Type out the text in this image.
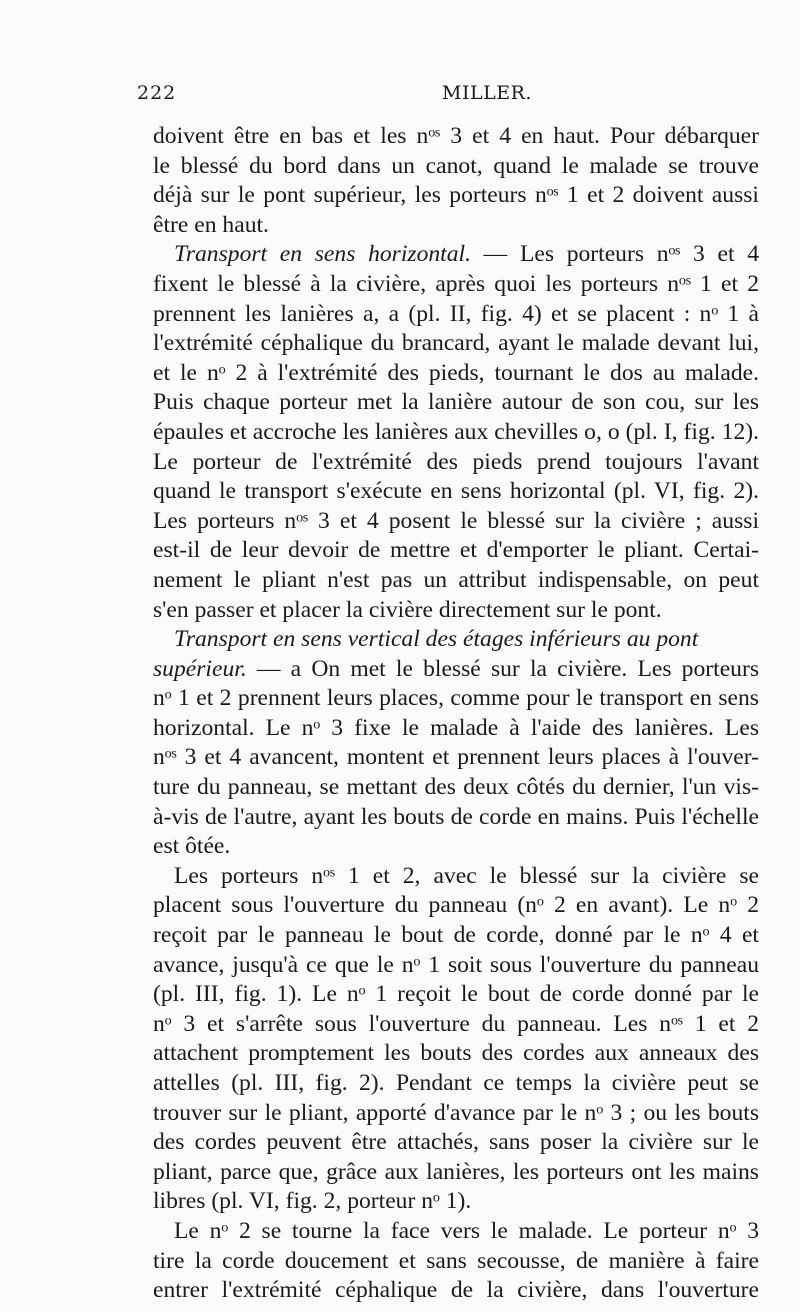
222	MILLER.
doivent être en bas et les nᵒˢ 3 et 4 en haut. Pour débarquer
le blessé du bord dans un canot, quand le malade se trouve
déjà sur le pont supérieur, les porteurs nᵒˢ 1 et 2 doivent aussi
être en haut.
Transport en sens horizontal. — Les porteurs nᵒˢ 3 et 4
fixent le blessé à la civière, après quoi les porteurs nᵒˢ 1 et 2
prennent les lanières a, a (pl. II, fig. 4) et se placent : nᵒ 1 à
l'extrémité céphalique du brancard, ayant le malade devant lui,
et le nᵒ 2 à l'extrémité des pieds, tournant le dos au malade.
Puis chaque porteur met la lanière autour de son cou, sur les
épaules et accroche les lanières aux chevilles o, o (pl. I, fig. 12).
Le porteur de l'extrémité des pieds prend toujours l'avant
quand le transport s'exécute en sens horizontal (pl. VI, fig. 2).
Les porteurs nᵒˢ 3 et 4 posent le blessé sur la civière ; aussi
est-il de leur devoir de mettre et d'emporter le pliant. Certai-
nement le pliant n'est pas un attribut indispensable, on peut
s'en passer et placer la civière directement sur le pont.
Transport en sens vertical des étages inférieurs au pont
supérieur. — a On met le blessé sur la civière. Les porteurs
nᵒ 1 et 2 prennent leurs places, comme pour le transport en sens
horizontal. Le nᵒ 3 fixe le malade à l'aide des lanières. Les
nᵒˢ 3 et 4 avancent, montent et prennent leurs places à l'ouver-
ture du panneau, se mettant des deux côtés du dernier, l'un vis-
à-vis de l'autre, ayant les bouts de corde en mains. Puis l'échelle
est ôtée.
Les porteurs nᵒˢ 1 et 2, avec le blessé sur la civière se
placent sous l'ouverture du panneau (nᵒ 2 en avant). Le nᵒ 2
reçoit par le panneau le bout de corde, donné par le nᵒ 4 et
avance, jusqu'à ce que le nᵒ 1 soit sous l'ouverture du panneau
(pl. III, fig. 1). Le nᵒ 1 reçoit le bout de corde donné par le
nᵒ 3 et s'arrête sous l'ouverture du panneau. Les nᵒˢ 1 et 2
attachent promptement les bouts des cordes aux anneaux des
attelles (pl. III, fig. 2). Pendant ce temps la civière peut se
trouver sur le pliant, apporté d'avance par le nᵒ 3 ; ou les bouts
des cordes peuvent être attachés, sans poser la civière sur le
pliant, parce que, grâce aux lanières, les porteurs ont les mains
libres (pl. VI, fig. 2, porteur nᵒ 1).
Le nᵒ 2 se tourne la face vers le malade. Le porteur nᵒ 3
tire la corde doucement et sans secousse, de manière à faire
entrer l'extrémité céphalique de la civière, dans l'ouverture
